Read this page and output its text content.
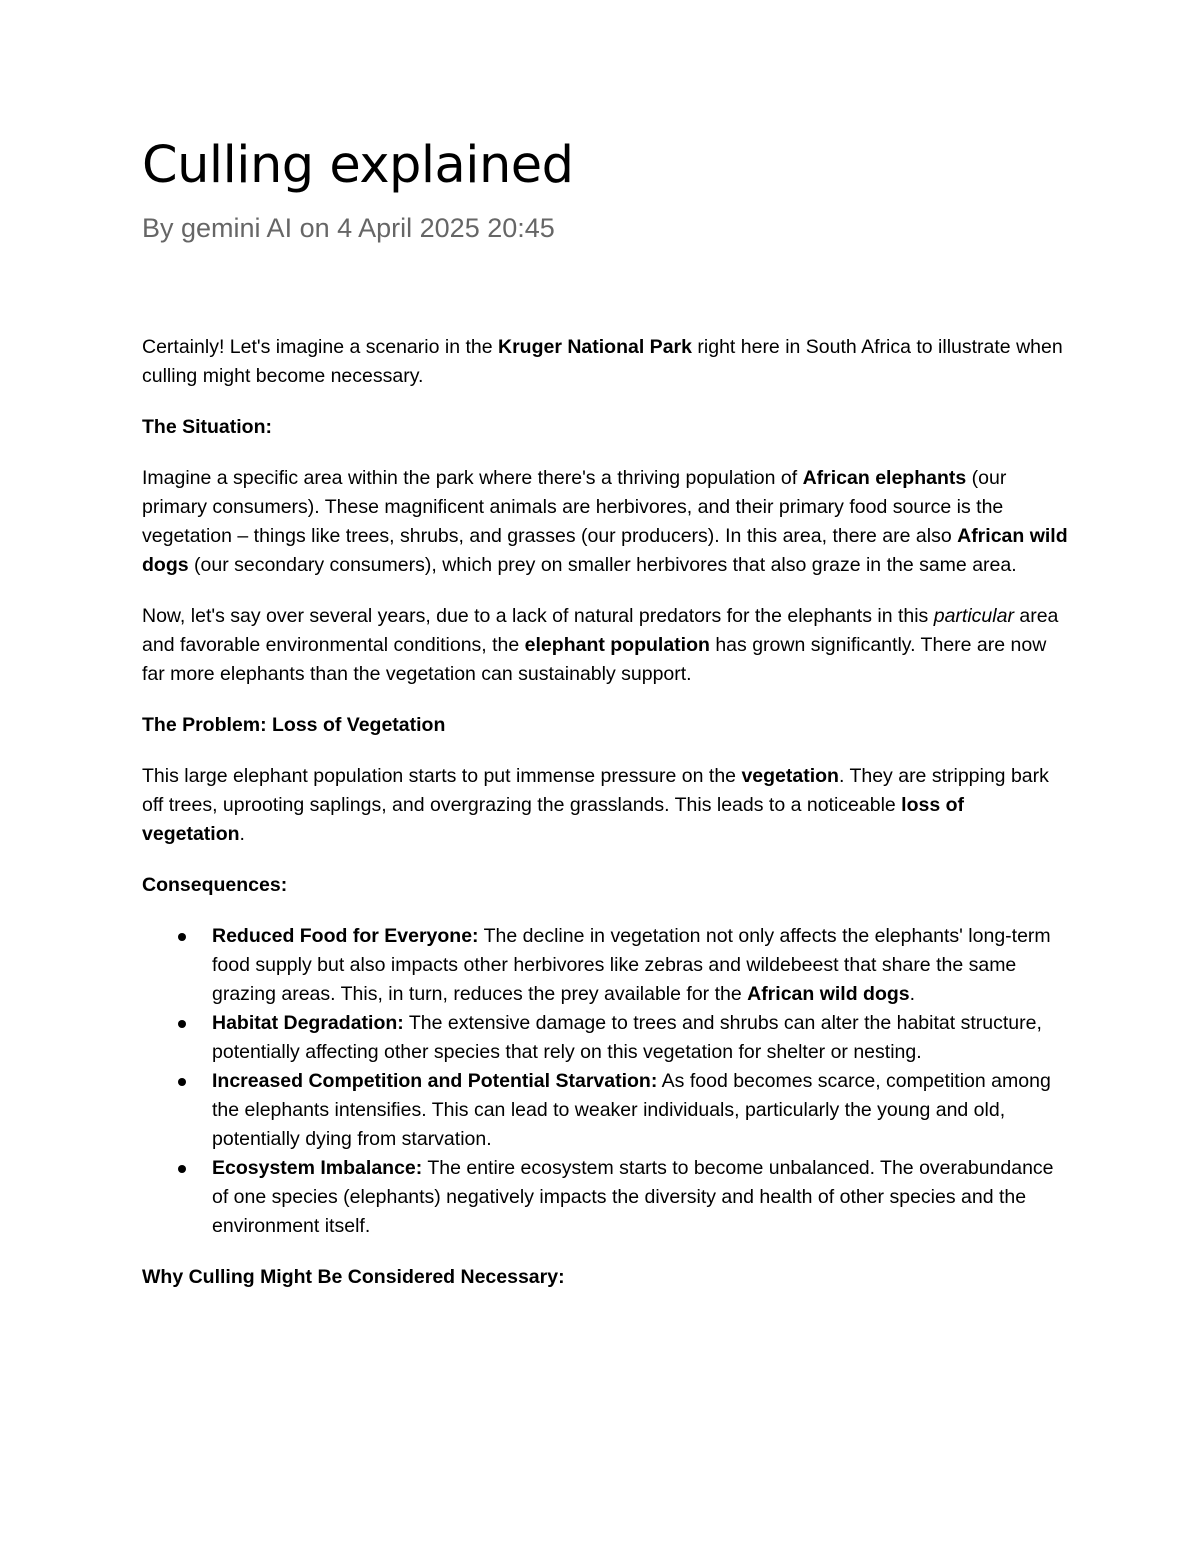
Culling explained
By gemini AI on 4 April 2025 20:45

Certainly! Let's imagine a scenario in the Kruger National Park right here in South Africa to illustrate when culling might become necessary.

The Situation:

Imagine a specific area within the park where there's a thriving population of African elephants (our primary consumers). These magnificent animals are herbivores, and their primary food source is the vegetation – things like trees, shrubs, and grasses (our producers). In this area, there are also African wild dogs (our secondary consumers), which prey on smaller herbivores that also graze in the same area.

Now, let's say over several years, due to a lack of natural predators for the elephants in this particular area and favorable environmental conditions, the elephant population has grown significantly. There are now far more elephants than the vegetation can sustainably support.

The Problem: Loss of Vegetation

This large elephant population starts to put immense pressure on the vegetation. They are stripping bark off trees, uprooting saplings, and overgrazing the grasslands. This leads to a noticeable loss of vegetation.

Consequences:

Reduced Food for Everyone: The decline in vegetation not only affects the elephants' long-term food supply but also impacts other herbivores like zebras and wildebeest that share the same grazing areas. This, in turn, reduces the prey available for the African wild dogs.
Habitat Degradation: The extensive damage to trees and shrubs can alter the habitat structure, potentially affecting other species that rely on this vegetation for shelter or nesting.
Increased Competition and Potential Starvation: As food becomes scarce, competition among the elephants intensifies. This can lead to weaker individuals, particularly the young and old, potentially dying from starvation.
Ecosystem Imbalance: The entire ecosystem starts to become unbalanced. The overabundance of one species (elephants) negatively impacts the diversity and health of other species and the environment itself.

Why Culling Might Be Considered Necessary:
